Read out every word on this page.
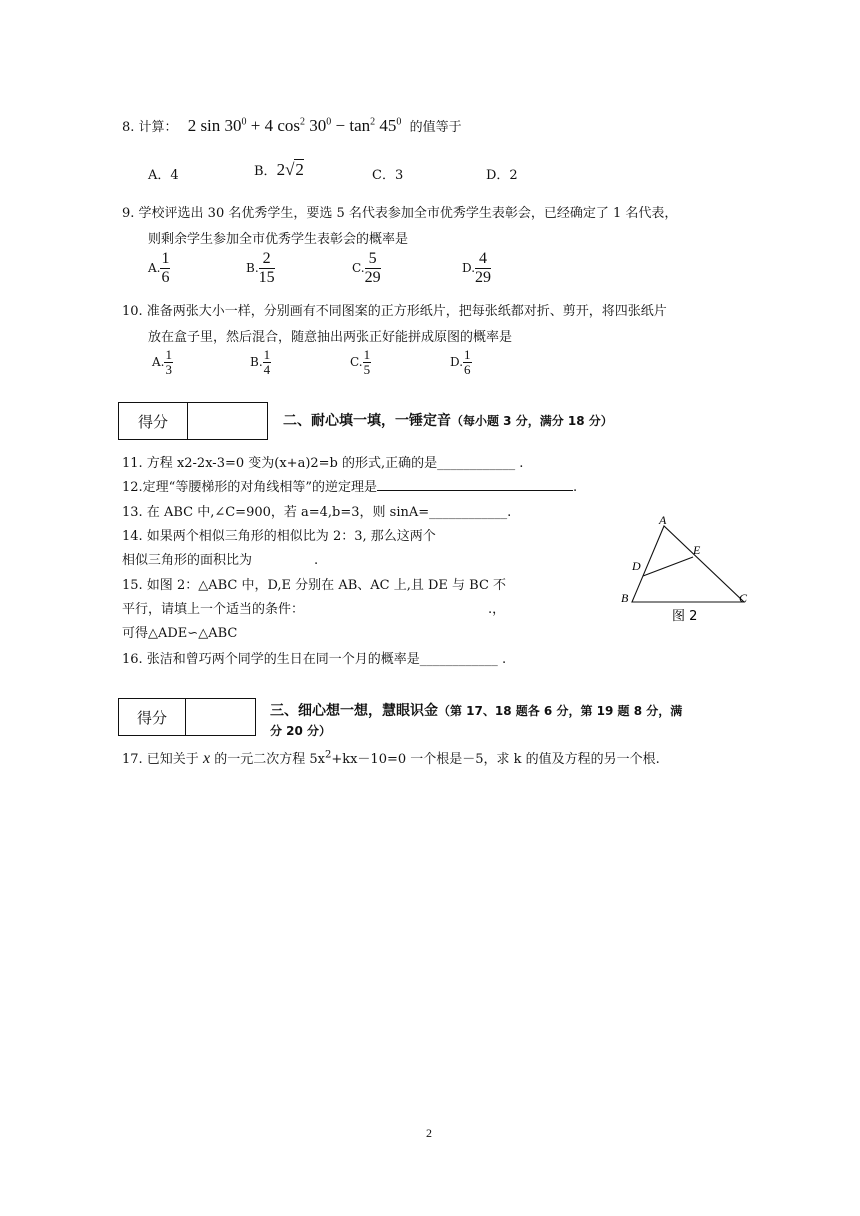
8. 计算： 2 $\sin 30^0 + 4$ $\cos^2 30^0 - \tan^2 45^0$ 的值等于
A．4	B．2√2	C．3	D．2
9. 学校评选出 30 名优秀学生，要选 5 名代表参加全市优秀学生表彰会，已经确定了 1 名代表，
则剩余学生参加全市优秀学生表彰会的概率是
A. $\frac{1}{6}$	B. $\frac{2}{15}$	C. $\frac{5}{29}$	D. $\frac{4}{29}$
10. 准备两张大小一样，分别画有不同图案的正方形纸片，把每张纸都对折、剪开，将四张纸片
放在盒子里，然后混合，随意抽出两张正好能拼成原图的概率是
A. $\frac{1}{3}$	B. $\frac{1}{4}$	C. $\frac{1}{5}$	D. $\frac{1}{6}$
得分	二、耐心填一填，一锤定音（每小题 3 分，满分 18 分）
11. 方程 x2-2x-3=0 变为(x+a)2=b 的形式,正确的是____________ .
12.定理“等腰梯形的对角线相等”的逆定理是	.
13. 在 ABC 中,∠C=900，若 a=4,b=3，则 sinA=____________.
14. 如果两个相似三角形的相似比为 2：3, 那么这两个
相似三角形的面积比为	.
15. 如图 2：△ABC 中，D,E 分别在 AB、AC 上,且 DE 与 BC 不
平行，请填上一个适当的条件：	.，
可得△ADE∽△ABC
16. 张洁和曾巧两个同学的生日在同一个月的概率是____________ .
A
E
D
B	C
图 2
得分	三、细心想一想，慧眼识金（第 17、18 题各 6 分，第 19 题 8 分，满
分 20 分）
17. 已知关于 x 的一元二次方程 $5x^2+kx-10=0$ 一个根是－5，求 k 的值及方程的另一个根.
2
